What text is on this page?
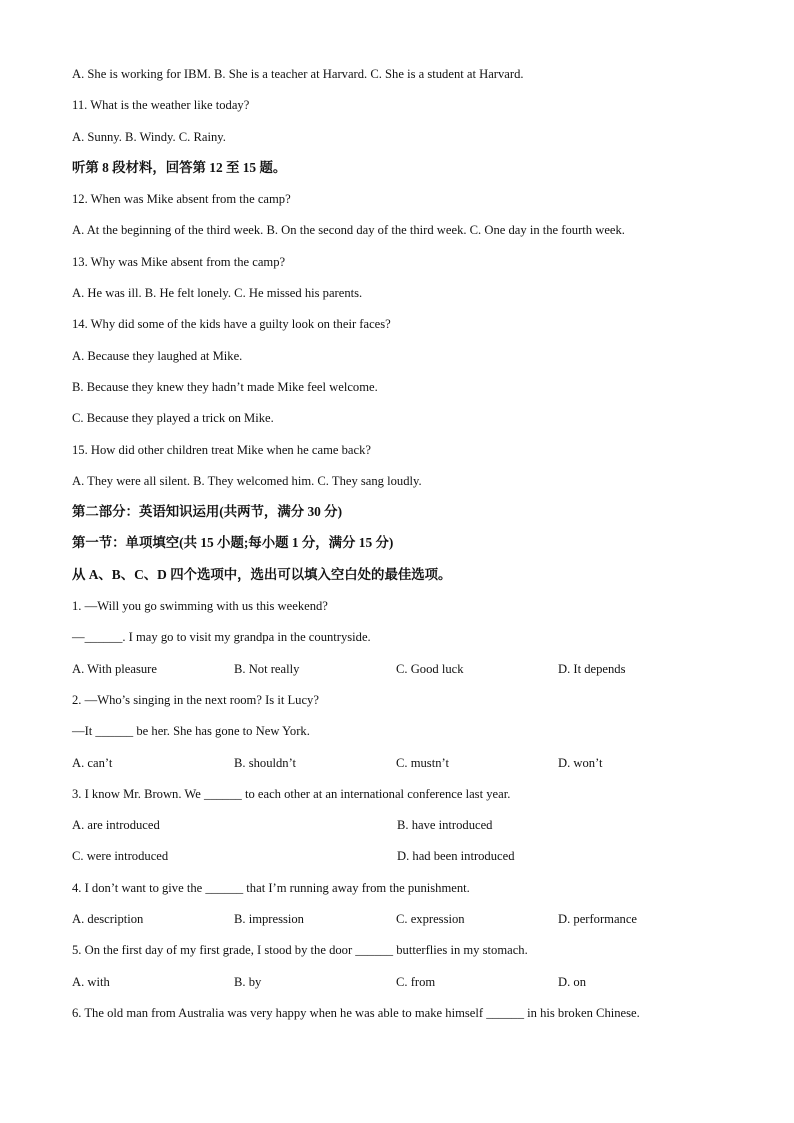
A. She is working for IBM. B. She is a teacher at Harvard. C. She is a student at Harvard.
11. What is the weather like today?
A. Sunny. B. Windy. C. Rainy.
听第 8 段材料，回答第 12 至 15 题。
12. When was Mike absent from the camp?
A. At the beginning of the third week. B. On the second day of the third week. C. One day in the fourth week.
13. Why was Mike absent from the camp?
A. He was ill. B. He felt lonely. C. He missed his parents.
14. Why did some of the kids have a guilty look on their faces?
A. Because they laughed at Mike.
B. Because they knew they hadn’t made Mike feel welcome.
C. Because they played a trick on Mike.
15. How did other children treat Mike when he came back?
A. They were all silent. B. They welcomed him. C. They sang loudly.
第二部分：英语知识运用(共两节，满分 30 分)
第一节：单项填空(共 15 小题;每小题 1 分，满分 15 分)
从 A、B、C、D 四个选项中，选出可以填入空白处的最佳选项。
1. —Will you go swimming with us this weekend?
—______. I may go to visit my grandpa in the countryside.
A. With pleasure	B. Not really	C. Good luck	D. It depends
2. —Who’s singing in the next room? Is it Lucy?
—It ______ be her. She has gone to New York.
A. can’t	B. shouldn’t	C. mustn’t	D. won’t
3. I know Mr. Brown. We ______ to each other at an international conference last year.
A. are introduced	B. have introduced
C. were introduced	D. had been introduced
4. I don’t want to give the ______ that I’m running away from the punishment.
A. description	B. impression	C. expression	D. performance
5. On the first day of my first grade, I stood by the door ______ butterflies in my stomach.
A. with	B. by	C. from	D. on
6. The old man from Australia was very happy when he was able to make himself ______ in his broken Chinese.
